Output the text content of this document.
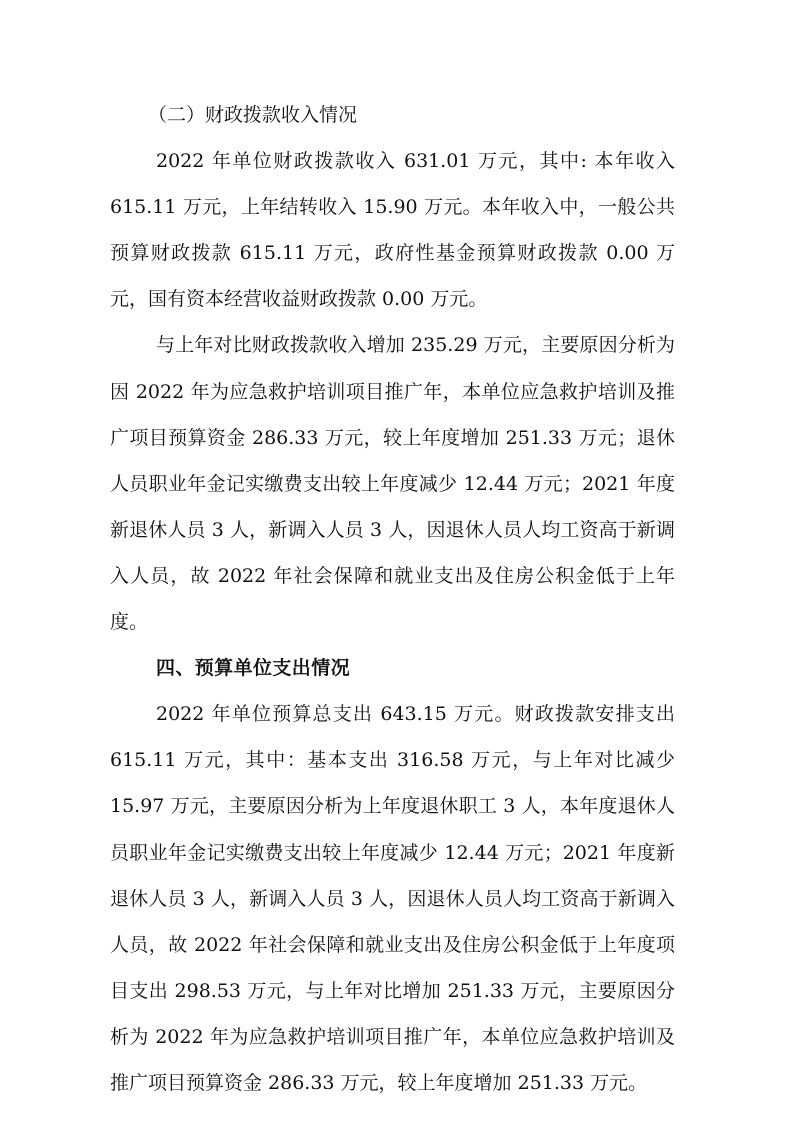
（二）财政拨款收入情况

2022 年单位财政拨款收入 631.01 万元，其中: 本年收入 615.11 万元，上年结转收入 15.90 万元。本年收入中，一般公共预算财政拨款 615.11 万元，政府性基金预算财政拨款 0.00 万元，国有资本经营收益财政拨款 0.00 万元。

与上年对比财政拨款收入增加 235.29 万元，主要原因分析为因 2022 年为应急救护培训项目推广年，本单位应急救护培训及推广项目预算资金 286.33 万元，较上年度增加 251.33 万元；退休人员职业年金记实缴费支出较上年度减少 12.44 万元；2021 年度新退休人员 3 人，新调入人员 3 人，因退休人员人均工资高于新调入人员，故 2022 年社会保障和就业支出及住房公积金低于上年度。

四、预算单位支出情况

2022 年单位预算总支出 643.15 万元。财政拨款安排支出 615.11 万元，其中：基本支出 316.58 万元，与上年对比减少 15.97 万元，主要原因分析为上年度退休职工 3 人，本年度退休人员职业年金记实缴费支出较上年度减少 12.44 万元；2021 年度新退休人员 3 人，新调入人员 3 人，因退休人员人均工资高于新调入人员，故 2022 年社会保障和就业支出及住房公积金低于上年度项目支出 298.53 万元，与上年对比增加 251.33 万元，主要原因分析为 2022 年为应急救护培训项目推广年，本单位应急救护培训及推广项目预算资金 286.33 万元，较上年度增加 251.33 万元。
